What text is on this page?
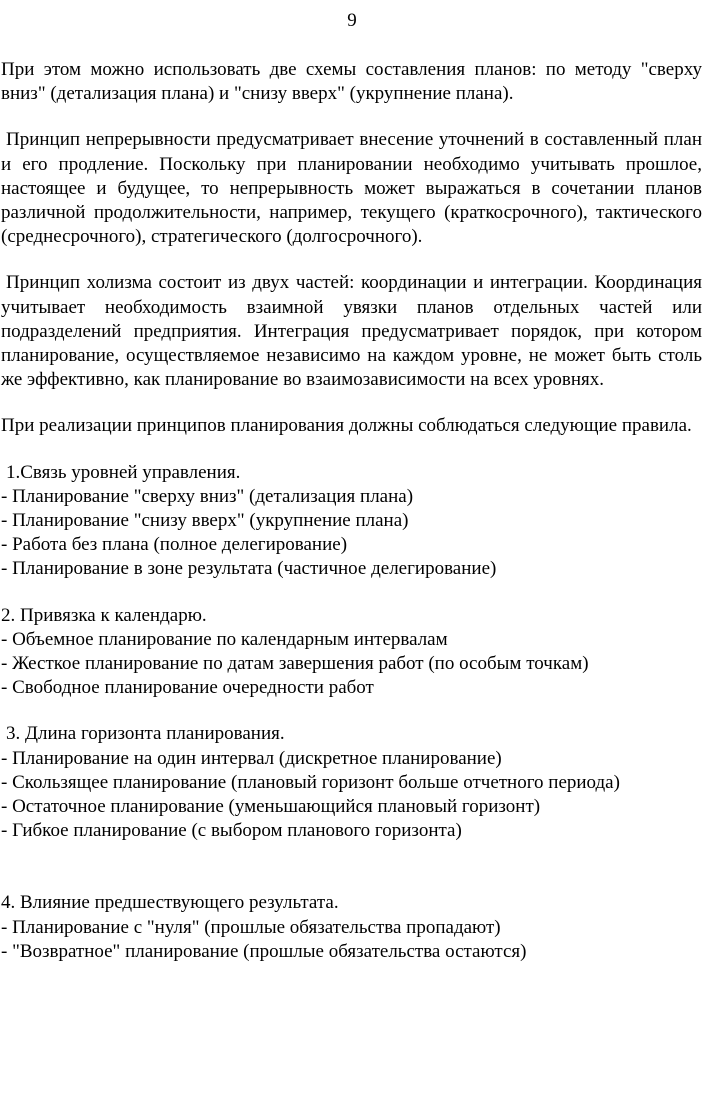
9

При этом можно использовать две схемы составления планов: по методу "сверху вниз" (детализация плана) и "снизу вверх" (укрупнение плана).

Принцип непрерывности предусматривает внесение уточнений в составленный план и его продление. Поскольку при планировании необходимо учитывать прошлое, настоящее и будущее, то непрерывность может выражаться в сочетании планов различной продолжительности, например, текущего (краткосрочного), тактического (среднесрочного), стратегического (долгосрочного).

Принцип холизма состоит из двух частей: координации и интеграции. Координация учитывает необходимость взаимной увязки планов отдельных частей или подразделений предприятия. Интеграция предусматривает порядок, при котором планирование, осуществляемое независимо на каждом уровне, не может быть столь же эффективно, как планирование во взаимозависимости на всех уровнях.

При реализации принципов планирования должны соблюдаться следующие правила.

1.Связь уровней управления.
- Планирование "сверху вниз" (детализация плана)
- Планирование "снизу вверх" (укрупнение плана)
- Работа без плана (полное делегирование)
- Планирование в зоне результата (частичное делегирование)
2. Привязка к календарю.
- Объемное планирование по календарным интервалам
- Жесткое планирование по датам завершения работ (по особым точкам)
- Свободное планирование очередности работ
3. Длина горизонта планирования.
- Планирование на один интервал (дискретное планирование)
- Скользящее планирование (плановый горизонт больше отчетного периода)
- Остаточное планирование (уменьшающийся плановый горизонт)
- Гибкое планирование (с выбором планового горизонта)
4. Влияние предшествующего результата.
- Планирование с "нуля" (прошлые обязательства пропадают)
- "Возвратное" планирование (прошлые обязательства остаются)
